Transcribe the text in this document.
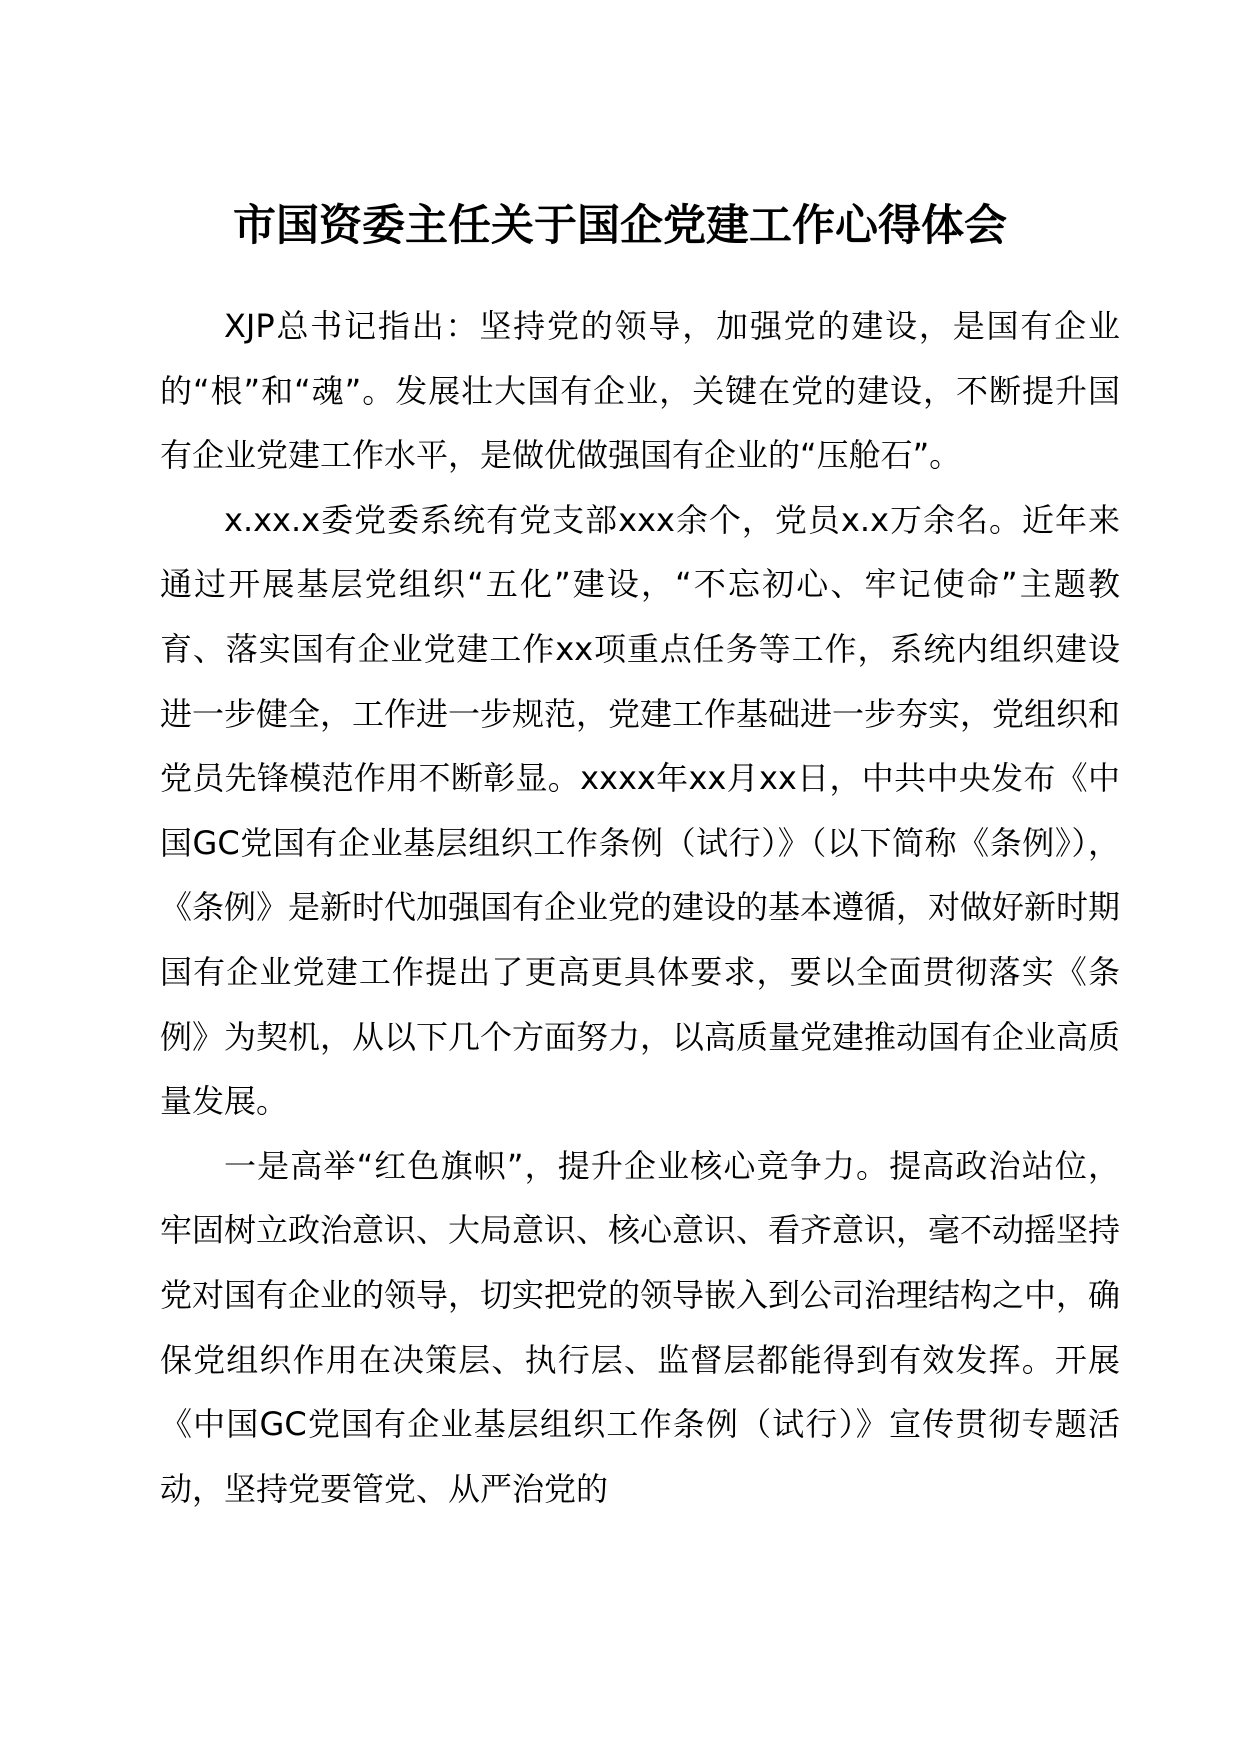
市国资委主任关于国企党建工作心得体会

XJP总书记指出：坚持党的领导，加强党的建设，是国有企业的“根”和“魂”。发展壮大国有企业，关键在党的建设，不断提升国有企业党建工作水平，是做优做强国有企业的“压舱石”。

x.xx.x委党委系统有党支部xxx余个，党员x.x万余名。近年来通过开展基层党组织“五化”建设，“不忘初心、牢记使命”主题教育、落实国有企业党建工作xx项重点任务等工作，系统内组织建设进一步健全，工作进一步规范，党建工作基础进一步夯实，党组织和党员先锋模范作用不断彰显。xxxx年xx月xx日，中共中央发布《中国GC党国有企业基层组织工作条例（试行）》（以下简称《条例》），《条例》是新时代加强国有企业党的建设的基本遵循，对做好新时期国有企业党建工作提出了更高更具体要求，要以全面贯彻落实《条例》为契机，从以下几个方面努力，以高质量党建推动国有企业高质量发展。

一是高举“红色旗帜”，提升企业核心竞争力。提高政治站位，牢固树立政治意识、大局意识、核心意识、看齐意识，毫不动摇坚持党对国有企业的领导，切实把党的领导嵌入到公司治理结构之中，确保党组织作用在决策层、执行层、监督层都能得到有效发挥。开展《中国GC党国有企业基层组织工作条例（试行）》宣传贯彻专题活动，坚持党要管党、从严治党的
